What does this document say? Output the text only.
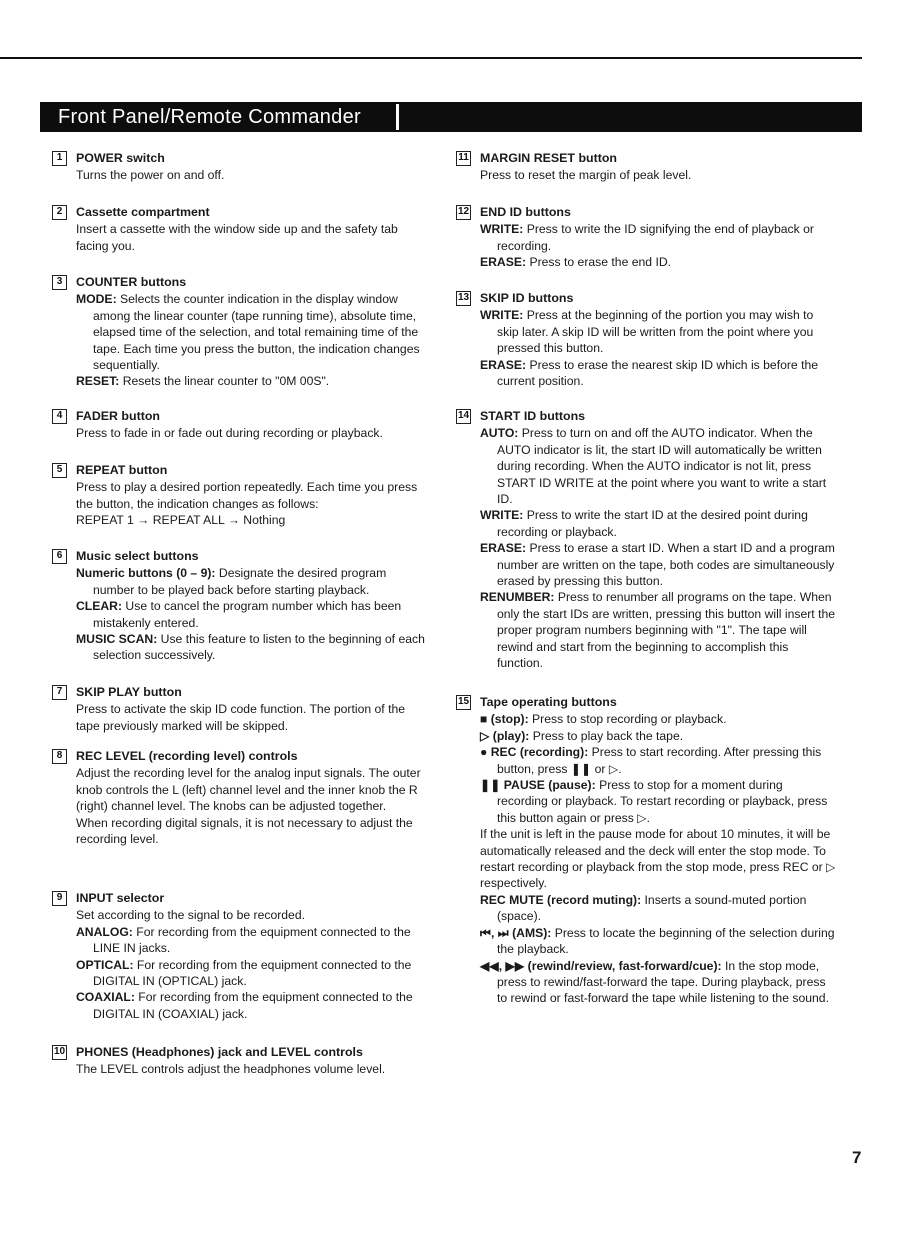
Front Panel/Remote Commander
1	POWER switch

Turns the power on and off.

2	Cassette compartment

Insert a cassette with the window side up and the safety tab facing you.

3	COUNTER buttons

MODE: Selects the counter indication in the display window among the linear counter (tape running time), absolute time, elapsed time of the selection, and total remaining time of the tape. Each time you press the button, the indication changes sequentially.

RESET: Resets the linear counter to "0M 00S".

4	FADER button

Press to fade in or fade out during recording or playback.

5	REPEAT button

Press to play a desired portion repeatedly. Each time you press the button, the indication changes as follows:

REPEAT 1 → REPEAT ALL → Nothing

6	Music select buttons

Numeric buttons (0 – 9): Designate the desired program number to be played back before starting playback.

CLEAR: Use to cancel the program number which has been mistakenly entered.

MUSIC SCAN: Use this feature to listen to the beginning of each selection successively.

7	SKIP PLAY button

Press to activate the skip ID code function. The portion of the tape previously marked will be skipped.

8	REC LEVEL (recording level) controls

Adjust the recording level for the analog input signals. The outer knob controls the L (left) channel level and the inner knob the R (right) channel level. The knobs can be adjusted together.

When recording digital signals, it is not necessary to adjust the recording level.

9	INPUT selector

Set according to the signal to be recorded.

ANALOG: For recording from the equipment connected to the LINE IN jacks.

OPTICAL: For recording from the equipment connected to the DIGITAL IN (OPTICAL) jack.

COAXIAL: For recording from the equipment connected to the DIGITAL IN (COAXIAL) jack.

10 PHONES (Headphones) jack and LEVEL controls

The LEVEL controls adjust the headphones volume level.

11 MARGIN RESET button

Press to reset the margin of peak level.

12 END ID buttons

WRITE: Press to write the ID signifying the end of playback or recording.

ERASE: Press to erase the end ID.

13 SKIP ID buttons

WRITE: Press at the beginning of the portion you may wish to skip later. A skip ID will be written from the point where you pressed this button.

ERASE: Press to erase the nearest skip ID which is before the current position.

14 START ID buttons

AUTO: Press to turn on and off the AUTO indicator. When the AUTO indicator is lit, the start ID will automatically be written during recording. When the AUTO indicator is not lit, press START ID WRITE at the point where you want to write a start ID.

WRITE: Press to write the start ID at the desired point during recording or playback.

ERASE: Press to erase a start ID. When a start ID and a program number are written on the tape, both codes are simultaneously erased by pressing this button.

RENUMBER: Press to renumber all programs on the tape. When only the start IDs are written, pressing this button will insert the proper program numbers beginning with "1". The tape will rewind and start from the beginning to accomplish this function.

15 Tape operating buttons

■ (stop): Press to stop recording or playback.

▷ (play): Press to play back the tape.

● REC (recording): Press to start recording. After pressing this button, press ❚❚ or ▷.

❚❚ PAUSE (pause): Press to stop for a moment during recording or playback. To restart recording or playback, press this button again or press ▷.

If the unit is left in the pause mode for about 10 minutes, it will be automatically released and the deck will enter the stop mode. To restart recording or playback from the stop mode, press REC or ▷ respectively.

REC MUTE (record muting): Inserts a sound-muted portion (space).

⏮, ⏭ (AMS): Press to locate the beginning of the selection during the playback.

◀◀, ▶▶ (rewind/review, fast-forward/cue): In the stop mode, press to rewind/fast-forward the tape. During playback, press to rewind or fast-forward the tape while listening to the sound.

7
